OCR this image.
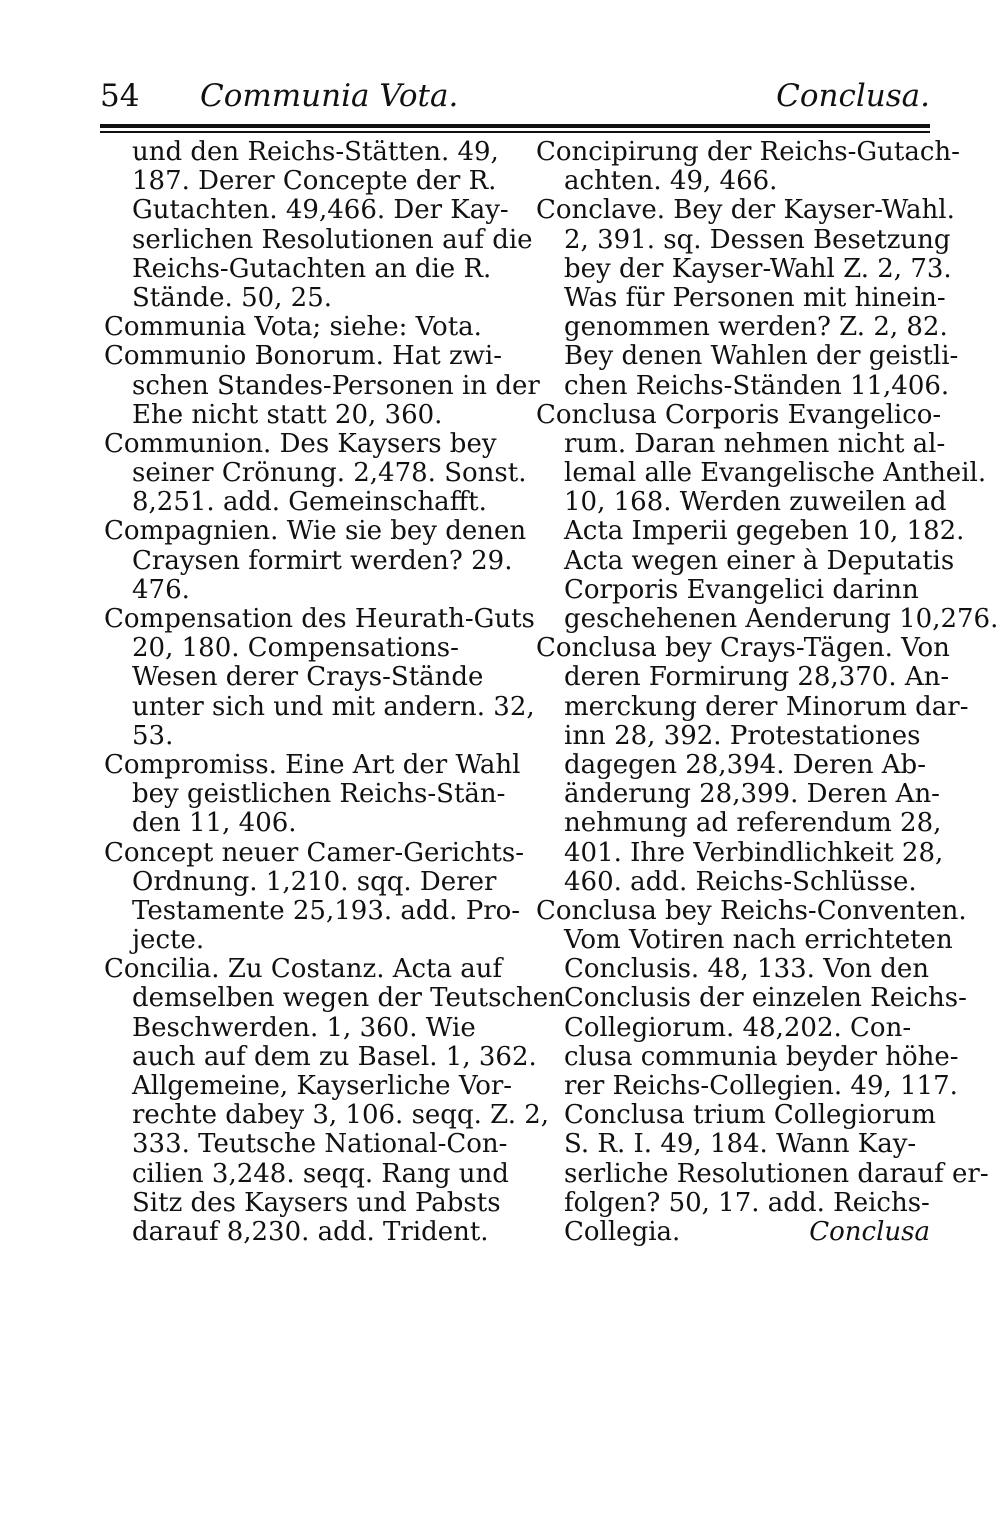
54 Communia Vota.	Conclusa.
und den Reichs-Stätten. 49,
187. Derer Concepte der R.
Gutachten. 49,466. Der Kay-
serlichen Resolutionen auf die
Reichs-Gutachten an die R.
Stände. 50, 25.
Communia Vota; siehe: Vota.
Communio Bonorum. Hat zwi-
schen Standes-Personen in der
Ehe nicht statt 20, 360.
Communion. Des Kaysers bey
seiner Crönung. 2,478. Sonst.
8,251. add. Gemeinschafft.
Compagnien. Wie sie bey denen
Craysen formirt werden? 29.
476.
Compensation des Heurath-Guts
20, 180. Compensations-
Wesen derer Crays-Stände
unter sich und mit andern. 32,
53.
Compromiss. Eine Art der Wahl
bey geistlichen Reichs-Stän-
den 11, 406.
Concept neuer Camer-Gerichts-
Ordnung. 1,210. sqq. Derer
Testamente 25,193. add. Pro-
jecte.
Concilia. Zu Costanz. Acta auf
demselben wegen der Teutschen
Beschwerden. 1, 360. Wie
auch auf dem zu Basel. 1, 362.
Allgemeine, Kayserliche Vor-
rechte dabey 3, 106. seqq. Z. 2,
333. Teutsche National-Con-
cilien 3,248. seqq. Rang und
Sitz des Kaysers und Pabsts
darauf 8,230. add. Trident.
Concipirung der Reichs-Gutach-
achten. 49, 466.
Conclave. Bey der Kayser-Wahl.
2, 391. sq. Dessen Besetzung
bey der Kayser-Wahl Z. 2, 73.
Was für Personen mit hinein-
genommen werden? Z. 2, 82.
Bey denen Wahlen der geistli-
chen Reichs-Ständen 11,406.
Conclusa Corporis Evangelico-
rum. Daran nehmen nicht al-
lemal alle Evangelische Antheil.
10, 168. Werden zuweilen ad
Acta Imperii gegeben 10, 182.
Acta wegen einer à Deputatis
Corporis Evangelici darinn
geschehenen Aenderung 10,276.
Conclusa bey Crays-Tägen. Von
deren Formirung 28,370. An-
merckung derer Minorum dar-
inn 28, 392. Protestationes
dagegen 28,394. Deren Ab-
änderung 28,399. Deren An-
nehmung ad referendum 28,
401. Ihre Verbindlichkeit 28,
460. add. Reichs-Schlüsse.
Conclusa bey Reichs-Conventen.
Vom Votiren nach errichteten
Conclusis. 48, 133. Von den
Conclusis der einzelen Reichs-
Collegiorum. 48,202. Con-
clusa communia beyder höhe-
rer Reichs-Collegien. 49, 117.
Conclusa trium Collegiorum
S. R. I. 49, 184. Wann Kay-
serliche Resolutionen darauf er-
folgen? 50, 17. add. Reichs-
Collegia.	Conclusa
